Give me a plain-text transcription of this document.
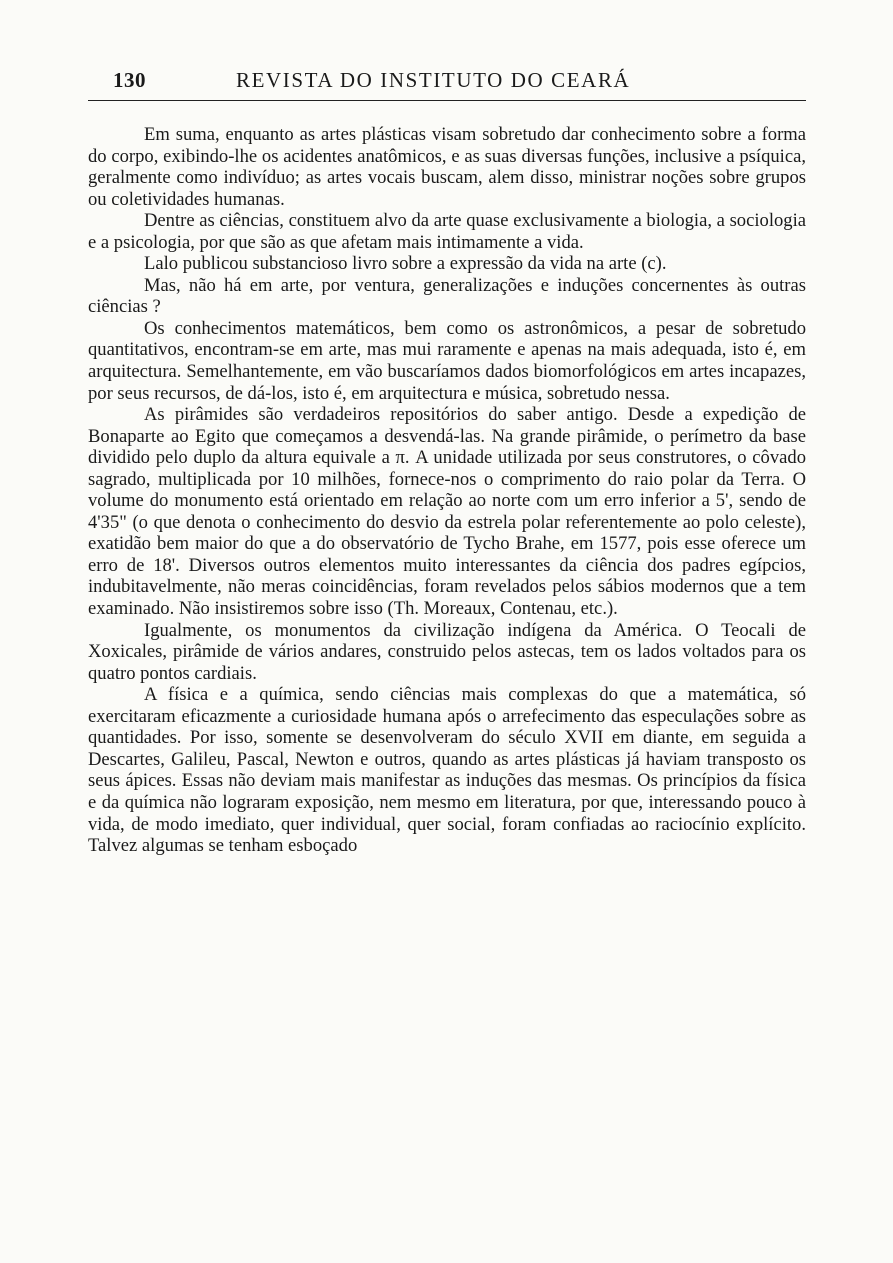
130	REVISTA DO INSTITUTO DO CEARÁ

Em suma, enquanto as artes plásticas visam sobretudo dar conhecimento sobre a forma do corpo, exibindo-lhe os acidentes anatômicos, e as suas diversas funções, inclusive a psíquica, geralmente como indivíduo; as artes vocais buscam, alem disso, ministrar noções sobre grupos ou coletividades humanas.

Dentre as ciências, constituem alvo da arte quase exclusivamente a biologia, a sociologia e a psicologia, por que são as que afetam mais intimamente a vida.

Lalo publicou substancioso livro sobre a expressão da vida na arte (c).

Mas, não há em arte, por ventura, generalizações e induções concernentes às outras ciências ?

Os conhecimentos matemáticos, bem como os astronômicos, a pesar de sobretudo quantitativos, encontram-se em arte, mas mui raramente e apenas na mais adequada, isto é, em arquitectura. Semelhantemente, em vão buscaríamos dados biomorfológicos em artes incapazes, por seus recursos, de dá-los, isto é, em arquitectura e música, sobretudo nessa.

As pirâmides são verdadeiros repositórios do saber antigo. Desde a expedição de Bonaparte ao Egito que começamos a desvendá-las. Na grande pirâmide, o perímetro da base dividido pelo duplo da altura equivale a π. A unidade utilizada por seus construtores, o côvado sagrado, multiplicada por 10 milhões, fornece-nos o comprimento do raio polar da Terra. O volume do monumento está orientado em relação ao norte com um erro inferior a 5', sendo de 4'35" (o que denota o conhecimento do desvio da estrela polar referentemente ao polo celeste), exatidão bem maior do que a do observatório de Tycho Brahe, em 1577, pois esse oferece um erro de 18'. Diversos outros elementos muito interessantes da ciência dos padres egípcios, indubitavelmente, não meras coincidências, foram revelados pelos sábios modernos que a tem examinado. Não insistiremos sobre isso (Th. Moreaux, Contenau, etc.).

Igualmente, os monumentos da civilização indígena da América. O Teocali de Xoxicales, pirâmide de vários andares, construido pelos astecas, tem os lados voltados para os quatro pontos cardiais.

A física e a química, sendo ciências mais complexas do que a matemática, só exercitaram eficazmente a curiosidade humana após o arrefecimento das especulações sobre as quantidades. Por isso, somente se desenvolveram do século XVII em diante, em seguida a Descartes, Galileu, Pascal, Newton e outros, quando as artes plásticas já haviam transposto os seus ápices. Essas não deviam mais manifestar as induções das mesmas. Os princípios da física e da química não lograram exposição, nem mesmo em literatura, por que, interessando pouco à vida, de modo imediato, quer individual, quer social, foram confiadas ao raciocínio explícito. Talvez algumas se tenham esboçado
